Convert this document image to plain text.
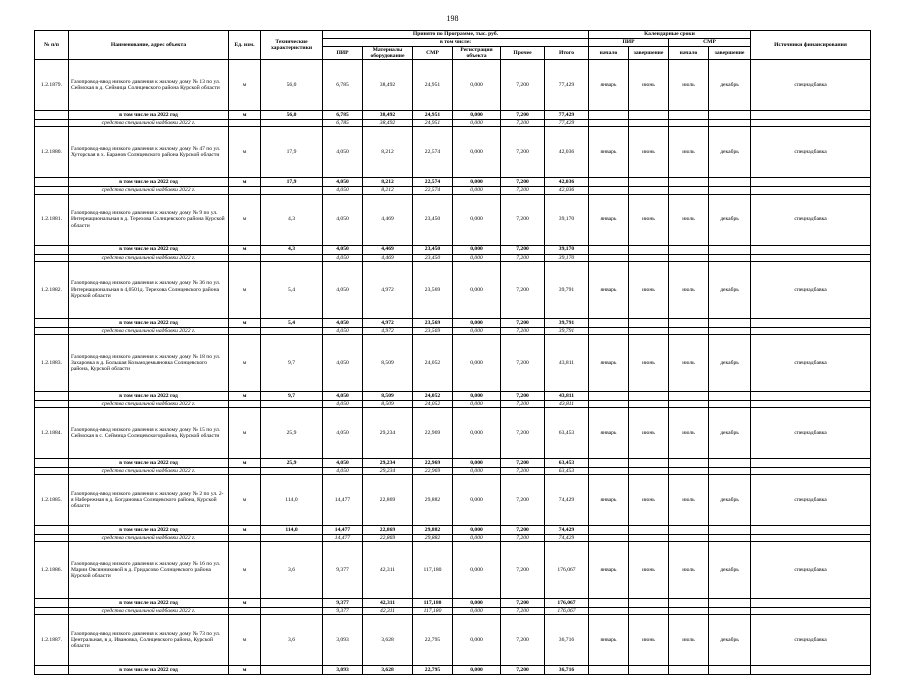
198
№ п/п	Наименование, адрес объекта	Ед. изм.	Технические характеристики	Принято по Программе, тыс. руб.						Календарные сроки				Источники финансирования
				в том числе:						ПИР		СМР		
				ПИР	Материалы оборудование	СМР	Регистрация объекта	Прочее	Итого	начало	завершение	начало	завершение	

1.2.1879.	Газопровод-ввод низкого давления к жилому дому № 13 по ул. Сеймская в д. Сеймица Солнцевского района Курской области	м	56,0	6,785	38,492	24,951	0,000	7,200	77,429	январь	июнь	июль	декабрь	спецнадбавка
	в том числе на 2022 год	м	56,0	6,785	38,492	24,951	0,000	7,200	77,429					
	средства специальной надбавки 2022 г.			6,785	38,492	24,951	0,000	7,200	77,429					
1.2.1880.	Газопровод-ввод низкого давления к жилому дому № 47 по ул. Хуторская в х. Баранов Солнцевского района Курской области	м	17,9	4,050	8,212	22,574	0,000	7,200	42,036	январь	июнь	июль	декабрь	спецнадбавка
	в том числе на 2022 год	м	17,9	4,050	8,212	22,574	0,000	7,200	42,036					
	средства специальной надбавки 2022 г.			4,050	8,212	22,574	0,000	7,200	42,036					
1.2.1881.	Газопровод-ввод низкого давления к жилому дому № 9 по ул. Интернациональная в д. Терехова Солнцевского района Курской области	м	4,3	4,050	4,469	23,450	0,000	7,200	39,170	январь	июнь	июль	декабрь	спецнадбавка
	в том числе на 2022 год	м	4,3	4,050	4,469	23,450	0,000	7,200	39,170					
	средства специальной надбавки 2022 г.			4,050	4,469	23,450	0,000	7,200	39,170					
1.2.1882.	Газопровод-ввод низкого давления к жилому дому № 36 по ул. Интернациональная в 4,0501д. Терехова Солнцевского района Курской области	м	5,4	4,050	4,972	23,569	0,000	7,200	39,791	январь	июнь	июль	декабрь	спецнадбавка
	в том числе на 2022 год	м	5,4	4,050	4,972	23,569	0,000	7,200	39,791					
	средства специальной надбавки 2022 г.			4,050	4,972	23,569	0,000	7,200	39,791					
1.2.1883.	Газопровод-ввод низкого давления к жилому дому № 18 по ул. Захаровка в д. Большая Козьмодемьяновка Солнцевского района, Курской области	м	9,7	4,050	8,509	24,052	0,000	7,200	43,811	январь	июнь	июль	декабрь	спецнадбавка
	в том числе на 2022 год	м	9,7	4,050	8,509	24,052	0,000	7,200	43,811					
	средства специальной надбавки 2022 г.			4,050	8,509	24,052	0,000	7,200	43,811					
1.2.1884.	Газопровод-ввод низкого давления к жилому дому № 15 по ул. Сеймская в с. Сеймица Солнцевскогорайона, Курской области	м	25,9	4,050	29,234	22,969	0,000	7,200	63,453	январь	июнь	июль	декабрь	спецнадбавка
	в том числе на 2022 год	м	25,9	4,050	29,234	22,969	0,000	7,200	63,453					
	средства специальной надбавки 2022 г.			4,050	29,234	22,969	0,000	7,200	63,453					
1.2.1885.	Газопровод-ввод низкого давления к жилому дому № 2 по ул. 2-я Набережная в д. Богдановка Солнцевского района, Курской области	м	114,0	14,477	22,869	29,882	0,000	7,200	74,429	январь	июнь	июль	декабрь	спецнадбавка
	в том числе на 2022 год	м	114,0	14,477	22,869	29,882	0,000	7,200	74,429					
	средства специальной надбавки 2022 г.			14,477	22,869	29,882	0,000	7,200	74,429					
1.2.1886.	Газопровод-ввод низкого давления к жилому дому № 16 по ул. Марии Овсянниковой в д. Гридасово Солнцевского района Курской области	м	3,6	9,377	42,311	117,180	0,000	7,200	176,067	январь	июнь	июль	декабрь	спецнадбавка
	в том числе на 2022 год	м		9,377	42,311	117,180	0,000	7,200	176,067					
	средства специальной надбавки 2022 г.			9,377	42,311	117,180	0,000	7,200	176,067					
1.2.1887.	Газопровод-ввод низкого давления к жилому дому № 73 по ул. Центральная, в д. Ивановка, Солнцевского района, Курской области	м	3,6	3,093	3,628	22,795	0,000	7,200	36,716	январь	июнь	июль	декабрь	спецнадбавка
	в том числе на 2022 год	м		3,093	3,628	22,795	0,000	7,200	36,716					
